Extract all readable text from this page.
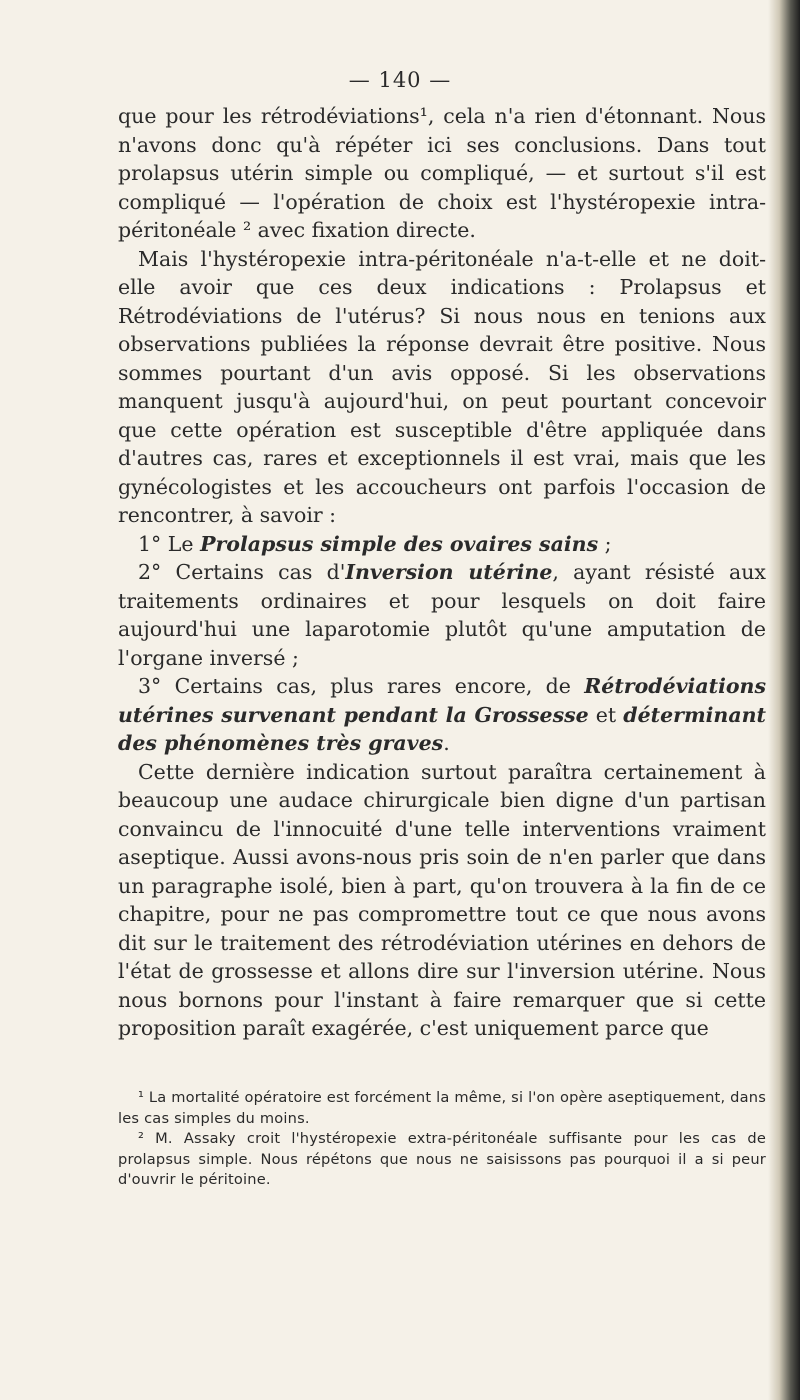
— 140 —

que pour les rétrodéviations¹, cela n'a rien d'étonnant. Nous n'avons donc qu'à répéter ici ses conclusions. Dans tout prolapsus utérin simple ou compliqué, — et surtout s'il est compliqué — l'opération de choix est l'hystéropexie intra-péritonéale ² avec fixation directe.

Mais l'hystéropexie intra-péritonéale n'a-t-elle et ne doit-elle avoir que ces deux indications : Prolapsus et Rétrodéviations de l'utérus? Si nous nous en tenions aux observations publiées la réponse devrait être positive. Nous sommes pourtant d'un avis opposé. Si les observations manquent jusqu'à aujourd'hui, on peut pourtant concevoir que cette opération est susceptible d'être appliquée dans d'autres cas, rares et exceptionnels il est vrai, mais que les gynécologistes et les accoucheurs ont parfois l'occasion de rencontrer, à savoir :

1° Le Prolapsus simple des ovaires sains ;

2° Certains cas d'Inversion utérine, ayant résisté aux traitements ordinaires et pour lesquels on doit faire aujourd'hui une laparotomie plutôt qu'une amputation de l'organe inversé ;

3° Certains cas, plus rares encore, de Rétrodéviations utérines survenant pendant la Grossesse et déterminant des phénomènes très graves.

Cette dernière indication surtout paraîtra certainement à beaucoup une audace chirurgicale bien digne d'un partisan convaincu de l'innocuité d'une telle interventions vraiment aseptique. Aussi avons-nous pris soin de n'en parler que dans un paragraphe isolé, bien à part, qu'on trouvera à la fin de ce chapitre, pour ne pas compromettre tout ce que nous avons dit sur le traitement des rétrodéviation utérines en dehors de l'état de grossesse et allons dire sur l'inversion utérine. Nous nous bornons pour l'instant à faire remarquer que si cette proposition paraît exagérée, c'est uniquement parce que

¹ La mortalité opératoire est forcément la même, si l'on opère aseptiquement, dans les cas simples du moins.

² M. Assaky croit l'hystéropexie extra-péritonéale suffisante pour les cas de prolapsus simple. Nous répétons que nous ne saisissons pas pourquoi il a si peur d'ouvrir le péritoine.
